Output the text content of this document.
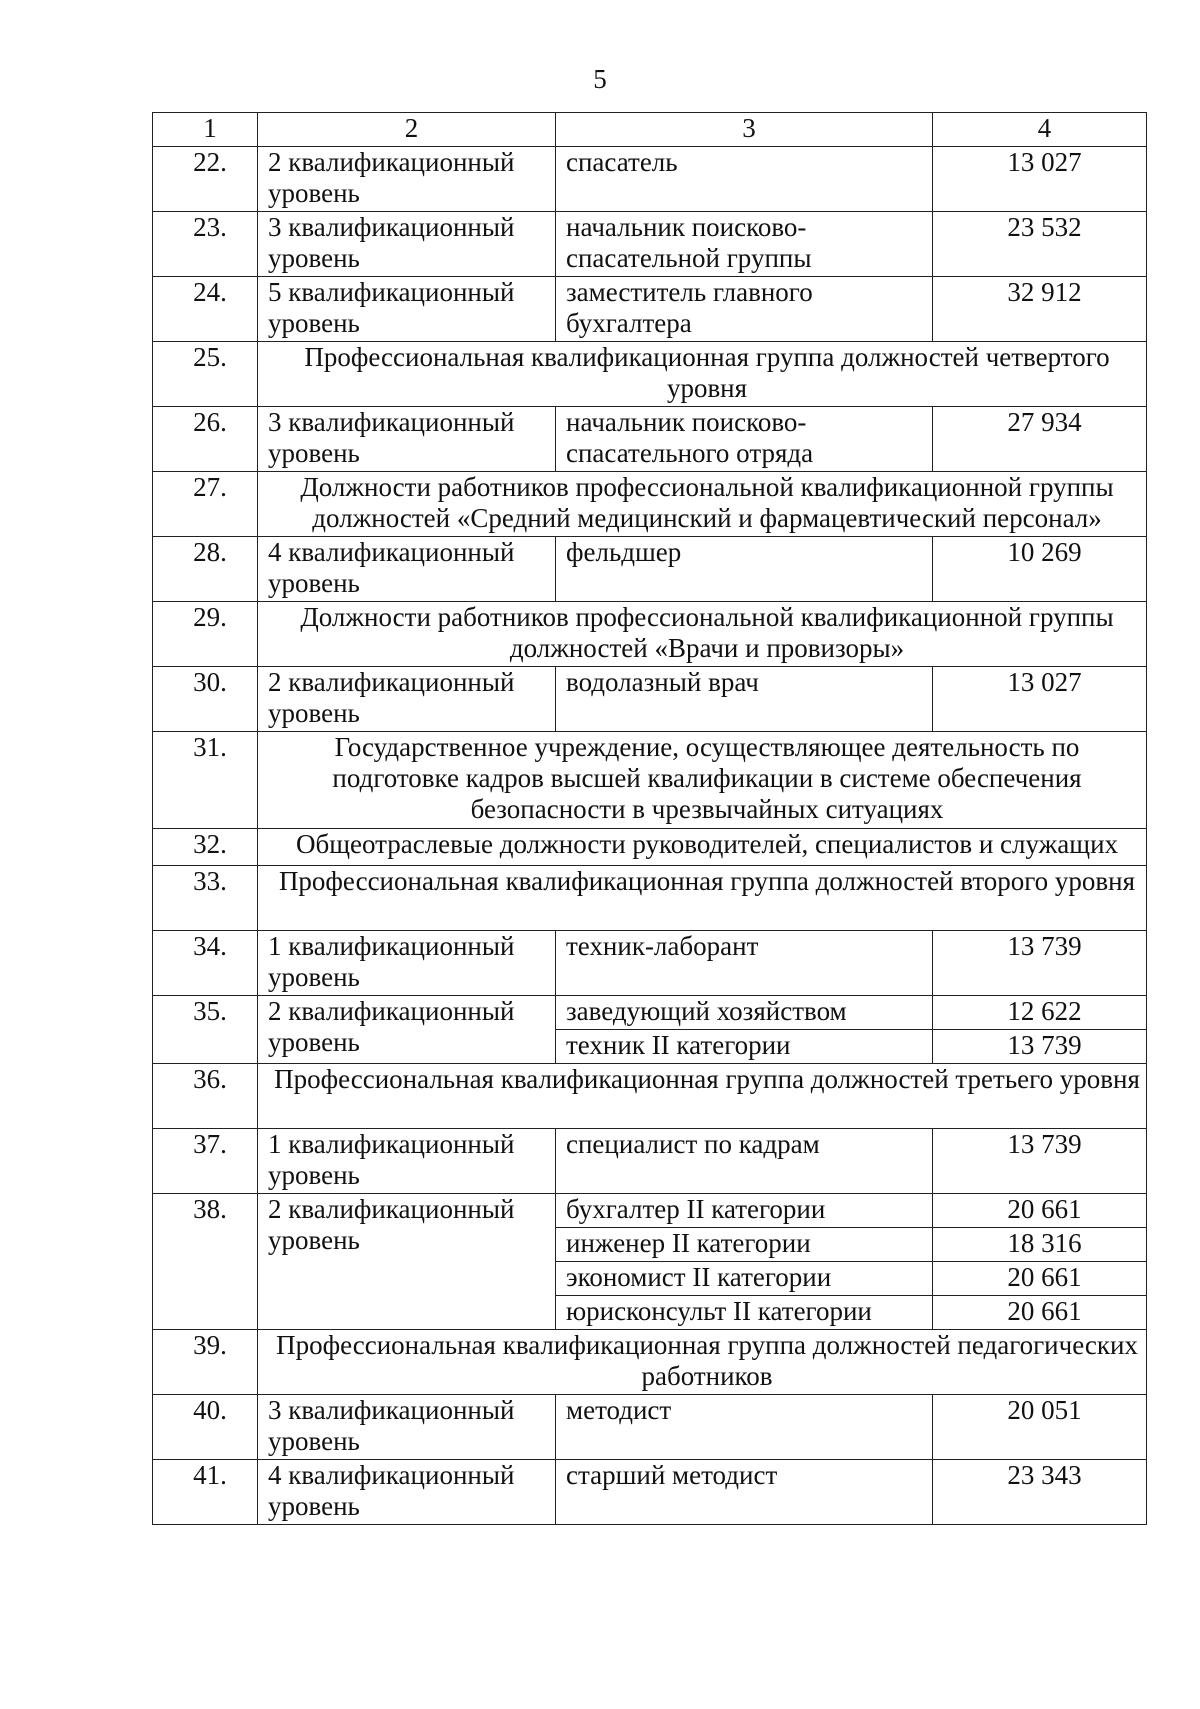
5
1	2	3	4
22.	2 квалификационный уровень	спасатель	13 027
23.	3 квалификационный уровень	начальник поисково-спасательной группы	23 532
24.	5 квалификационный уровень	заместитель главного бухгалтера	32 912
25.	Профессиональная квалификационная группа должностей четвертого уровня		
26.	3 квалификационный уровень	начальник поисково-спасательного отряда	27 934
27.	Должности работников профессиональной квалификационной группы должностей «Средний медицинский и фармацевтический персонал»		
28.	4 квалификационный уровень	фельдшер	10 269
29.	Должности работников профессиональной квалификационной группы должностей «Врачи и провизоры»		
30.	2 квалификационный уровень	водолазный врач	13 027
31.	Государственное учреждение, осуществляющее деятельность по подготовке кадров высшей квалификации в системе обеспечения безопасности в чрезвычайных ситуациях		
32.	Общеотраслевые должности руководителей, специалистов и служащих		
33.	Профессиональная квалификационная группа должностей второго уровня		
34.	1 квалификационный уровень	техник-лаборант	13 739
35.	2 квалификационный уровень	заведующий хозяйством	12 622
		техник II категории	13 739
36.	Профессиональная квалификационная группа должностей третьего уровня		
37.	1 квалификационный уровень	специалист по кадрам	13 739
38.	2 квалификационный уровень	бухгалтер II категории	20 661
		инженер II категории	18 316
		экономист II категории	20 661
		юрисконсульт II категории	20 661
39.	Профессиональная квалификационная группа должностей педагогических работников		
40.	3 квалификационный уровень	методист	20 051
41.	4 квалификационный уровень	старший методист	23 343
